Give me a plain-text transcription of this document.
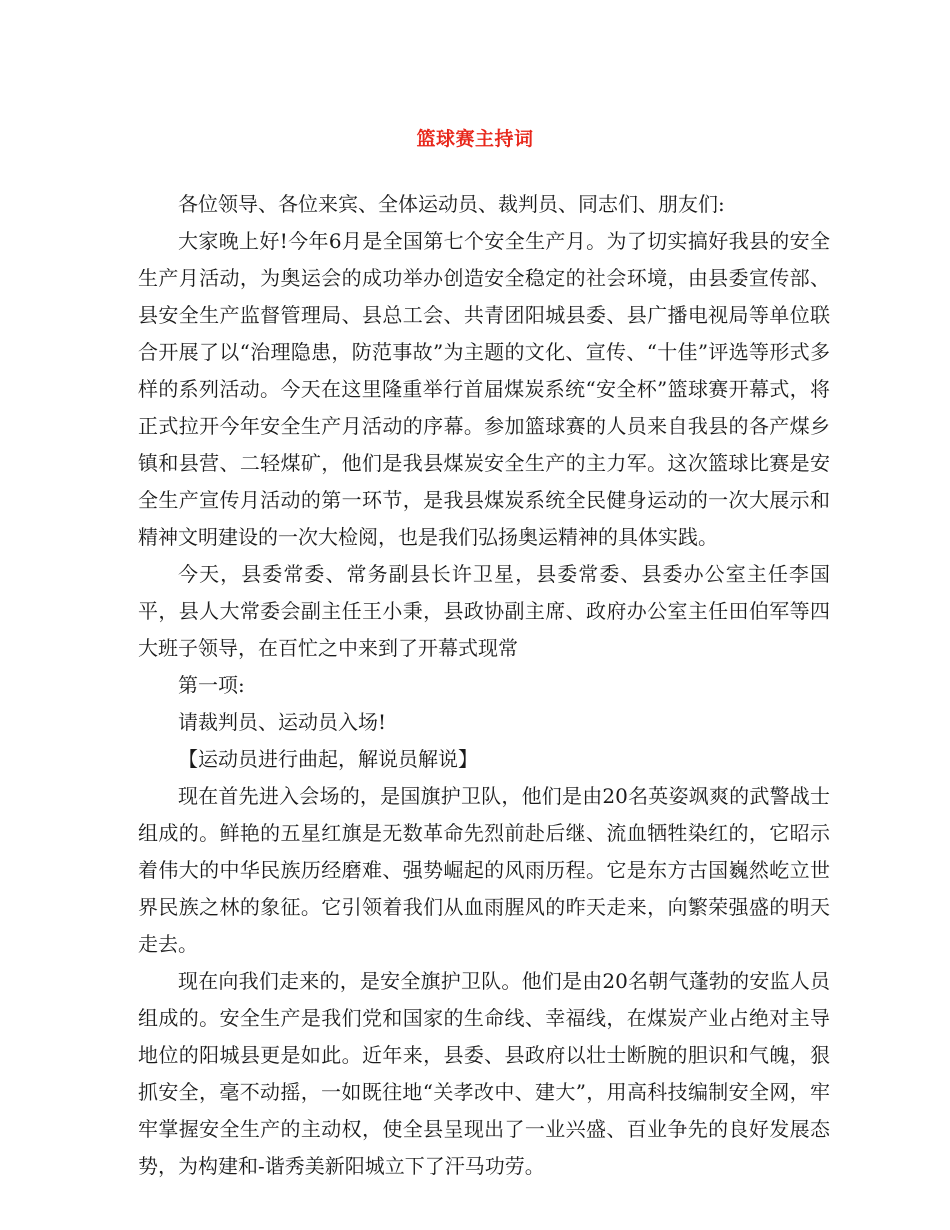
篮球赛主持词

各位领导、各位来宾、全体运动员、裁判员、同志们、朋友们:

大家晚上好!今年6月是全国第七个安全生产月。为了切实搞好我县的安全生产月活动，为奥运会的成功举办创造安全稳定的社会环境，由县委宣传部、县安全生产监督管理局、县总工会、共青团阳城县委、县广播电视局等单位联合开展了以“治理隐患，防范事故”为主题的文化、宣传、“十佳”评选等形式多样的系列活动。今天在这里隆重举行首届煤炭系统“安全杯”篮球赛开幕式，将正式拉开今年安全生产月活动的序幕。参加篮球赛的人员来自我县的各产煤乡镇和县营、二轻煤矿，他们是我县煤炭安全生产的主力军。这次篮球比赛是安全生产宣传月活动的第一环节，是我县煤炭系统全民健身运动的一次大展示和精神文明建设的一次大检阅，也是我们弘扬奥运精神的具体实践。

今天，县委常委、常务副县长许卫星，县委常委、县委办公室主任李国平，县人大常委会副主任王小秉，县政协副主席、政府办公室主任田伯军等四大班子领导，在百忙之中来到了开幕式现常

第一项:

请裁判员、运动员入场!

【运动员进行曲起，解说员解说】

现在首先进入会场的，是国旗护卫队，他们是由20名英姿飒爽的武警战士组成的。鲜艳的五星红旗是无数革命先烈前赴后继、流血牺牲染红的，它昭示着伟大的中华民族历经磨难、强势崛起的风雨历程。它是东方古国巍然屹立世界民族之林的象征。它引领着我们从血雨腥风的昨天走来，向繁荣强盛的明天走去。

现在向我们走来的，是安全旗护卫队。他们是由20名朝气蓬勃的安监人员组成的。安全生产是我们党和国家的生命线、幸福线，在煤炭产业占绝对主导地位的阳城县更是如此。近年来，县委、县政府以壮士断腕的胆识和气魄，狠抓安全，毫不动摇，一如既往地“关孝改中、建大”，用高科技编制安全网，牢牢掌握安全生产的主动权，使全县呈现出了一业兴盛、百业争先的良好发展态势，为构建和-谐秀美新阳城立下了汗马功劳。
